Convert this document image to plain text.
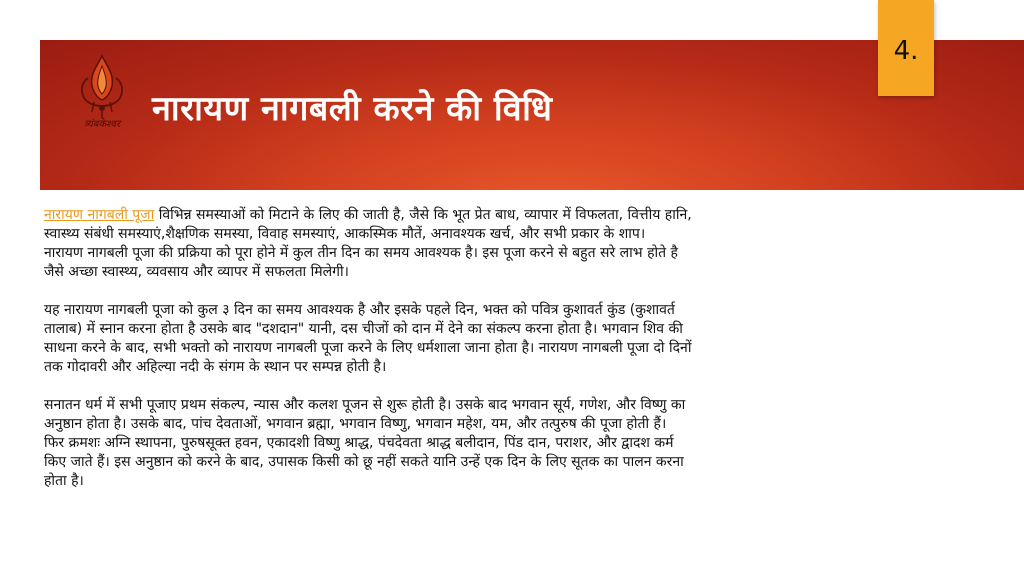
त्र्यंबकेश्वर नारायण नागबली करने की विधि
4.
नारायण नागबली पूजा विभिन्न समस्याओं को मिटाने के लिए की जाती है, जैसे कि भूत प्रेत बाध, व्यापार में विफलता, वित्तीय हानि,
स्वास्थ्य संबंधी समस्याएं,शैक्षणिक समस्या, विवाह समस्याएं, आकस्मिक मौतें, अनावश्यक खर्च, और सभी प्रकार के शाप।
नारायण नागबली पूजा की प्रक्रिया को पूरा होने में कुल तीन दिन का समय आवश्यक है। इस पूजा करने से बहुत सरे लाभ होते है
जैसे अच्छा स्वास्थ्य, व्यवसाय और व्यापर में सफलता मिलेगी।
यह नारायण नागबली पूजा को कुल ३ दिन का समय आवश्यक है और इसके पहले दिन, भक्त को पवित्र कुशावर्त कुंड (कुशावर्त
तालाब) में स्नान करना होता है उसके बाद "दशदान" यानी, दस चीजों को दान में देने का संकल्प करना होता है। भगवान शिव की
साधना करने के बाद, सभी भक्तो को नारायण नागबली पूजा करने के लिए धर्मशाला जाना होता है। नारायण नागबली पूजा दो दिनों
तक गोदावरी और अहिल्या नदी के संगम के स्थान पर सम्पन्न होती है।
सनातन धर्म में सभी पूजाए प्रथम संकल्प, न्यास और कलश पूजन से शुरू होती है। उसके बाद भगवान सूर्य, गणेश, और विष्णु का
अनुष्ठान होता है। उसके बाद, पांच देवताओं, भगवान ब्रह्मा, भगवान विष्णु, भगवान महेश, यम, और तत्पुरुष की पूजा होती हैं।
फिर क्रमशः अग्नि स्थापना, पुरुषसूक्त हवन, एकादशी विष्णु श्राद्ध, पंचदेवता श्राद्ध बलीदान, पिंड दान, पराशर, और द्वादश कर्म
किए जाते हैं। इस अनुष्ठान को करने के बाद, उपासक किसी को छू नहीं सकते यानि उन्हें एक दिन के लिए सूतक का पालन करना
होता है।
